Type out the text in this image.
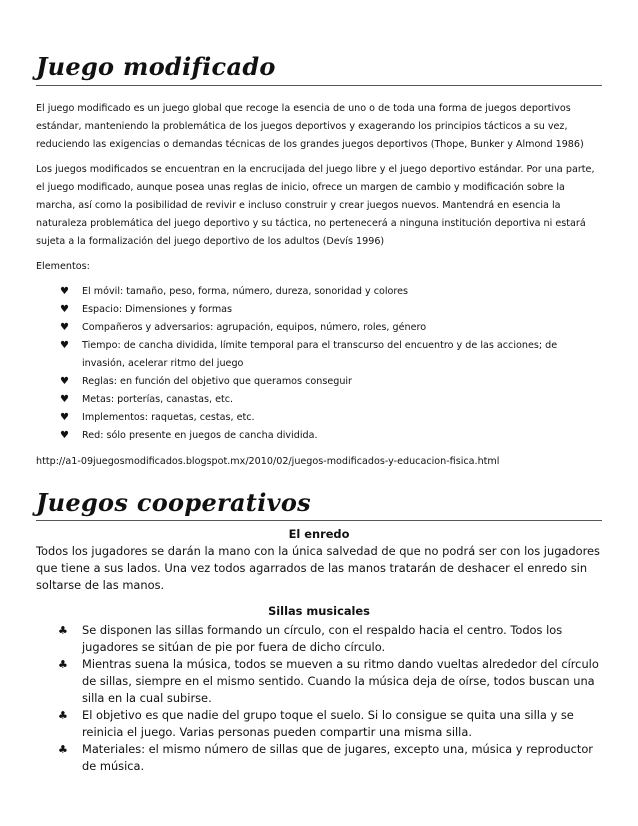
Juego modificado

El juego modificado es un juego global que recoge la esencia de uno o de toda una forma de juegos deportivos estándar, manteniendo la problemática de los juegos deportivos y exagerando los principios tácticos a su vez, reduciendo las exigencias o demandas técnicas de los grandes juegos deportivos (Thope, Bunker y Almond 1986)

Los juegos modificados se encuentran en la encrucijada del juego libre y el juego deportivo estándar. Por una parte, el juego modificado, aunque posea unas reglas de inicio, ofrece un margen de cambio y modificación sobre la marcha, así como la posibilidad de revivir e incluso construir y crear juegos nuevos. Mantendrá en esencia la naturaleza problemática del juego deportivo y su táctica, no pertenecerá a ninguna institución deportiva ni estará sujeta a la formalización del juego deportivo de los adultos (Devís 1996)

Elementos:

♥ El móvil: tamaño, peso, forma, número, dureza, sonoridad y colores
♥ Espacio: Dimensiones y formas
♥ Compañeros y adversarios: agrupación, equipos, número, roles, género
♥ Tiempo: de cancha dividida, límite temporal para el transcurso del encuentro y de las acciones; de invasión, acelerar ritmo del juego
♥ Reglas: en función del objetivo que queramos conseguir
♥ Metas: porterías, canastas, etc.
♥ Implementos: raquetas, cestas, etc.
♥ Red: sólo presente en juegos de cancha dividida.

http://a1-09juegosmodificados.blogspot.mx/2010/02/juegos-modificados-y-educacion-fisica.html

Juegos cooperativos

El enredo

Todos los jugadores se darán la mano con la única salvedad de que no podrá ser con los jugadores que tiene a sus lados. Una vez todos agarrados de las manos tratarán de deshacer el enredo sin soltarse de las manos.

Sillas musicales

♣ Se disponen las sillas formando un círculo, con el respaldo hacia el centro. Todos los jugadores se sitúan de pie por fuera de dicho círculo.
♣ Mientras suena la música, todos se mueven a su ritmo dando vueltas alrededor del círculo de sillas, siempre en el mismo sentido. Cuando la música deja de oírse, todos buscan una silla en la cual subirse.
♣ El objetivo es que nadie del grupo toque el suelo. Si lo consigue se quita una silla y se reinicia el juego. Varias personas pueden compartir una misma silla.
♣ Materiales: el mismo número de sillas que de jugares, excepto una, música y reproductor de música.
